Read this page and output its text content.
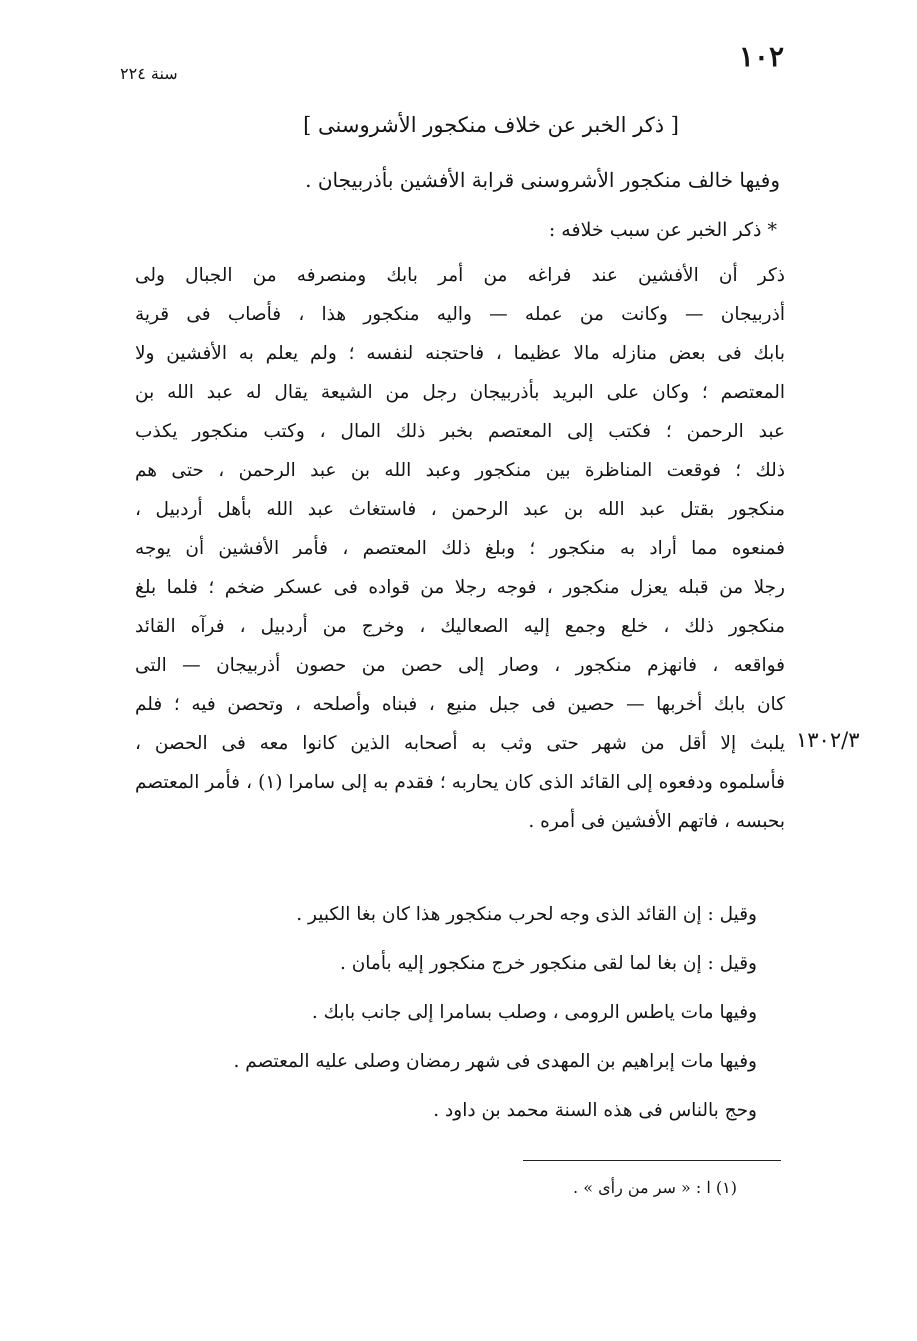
١٠٢
سنة ٢٢٤
[ ذكر الخبر عن خلاف منكجور الأشروسنى ]
وفيها خالف منكجور الأشروسنى قرابة الأفشين بأذربيجان .
* ذكر الخبر عن سبب خلافه :
ذكر أن الأفشين عند فراغه من أمر بابك ومنصرفه من الجبال ولى
أذربيجان — وكانت من عمله — واليه منكجور هذا ، فأصاب فى قرية
بابك فى بعض منازله مالا عظيما ، فاحتجنه لنفسه ؛ ولم يعلم به الأفشين ولا
المعتصم ؛ وكان على البريد بأذربيجان رجل من الشيعة يقال له عبد الله بن
عبد الرحمن ؛ فكتب إلى المعتصم بخبر ذلك المال ، وكتب منكجور يكذب
ذلك ؛ فوقعت المناظرة بين منكجور وعبد الله بن عبد الرحمن ، حتى هم
منكجور بقتل عبد الله بن عبد الرحمن ، فاستغاث عبد الله بأهل أردبيل ،
فمنعوه مما أراد به منكجور ؛ وبلغ ذلك المعتصم ، فأمر الأفشين أن يوجه
رجلا من قبله يعزل منكجور ، فوجه رجلا من قواده فى عسكر ضخم ؛ فلما بلغ
منكجور ذلك ، خلع وجمع إليه الصعاليك ، وخرج من أردبيل ، فرآه القائد
فواقعه ، فانهزم منكجور ، وصار إلى حصن من حصون أذربيجان — التى
كان بابك أخربها — حصين فى جبل منيع ، فبناه وأصلحه ، وتحصن فيه ؛ فلم
يلبث إلا أقل من شهر حتى وثب به أصحابه الذين كانوا معه فى الحصن ،
فأسلموه ودفعوه إلى القائد الذى كان يحاربه ؛ فقدم به إلى سامرا (١) ، فأمر المعتصم
بحبسه ، فاتهم الأفشين فى أمره .
١٣٠٢/٣
وقيل : إن القائد الذى وجه لحرب منكجور هذا كان بغا الكبير .
وقيل : إن بغا لما لقى منكجور خرج منكجور إليه بأمان .
وفيها مات ياطس الرومى ، وصلب بسامرا إلى جانب بابك .
وفيها مات إبراهيم بن المهدى فى شهر رمضان وصلى عليه المعتصم .
وحج بالناس فى هذه السنة محمد بن داود .
(١) ا : « سر من رأى » .
